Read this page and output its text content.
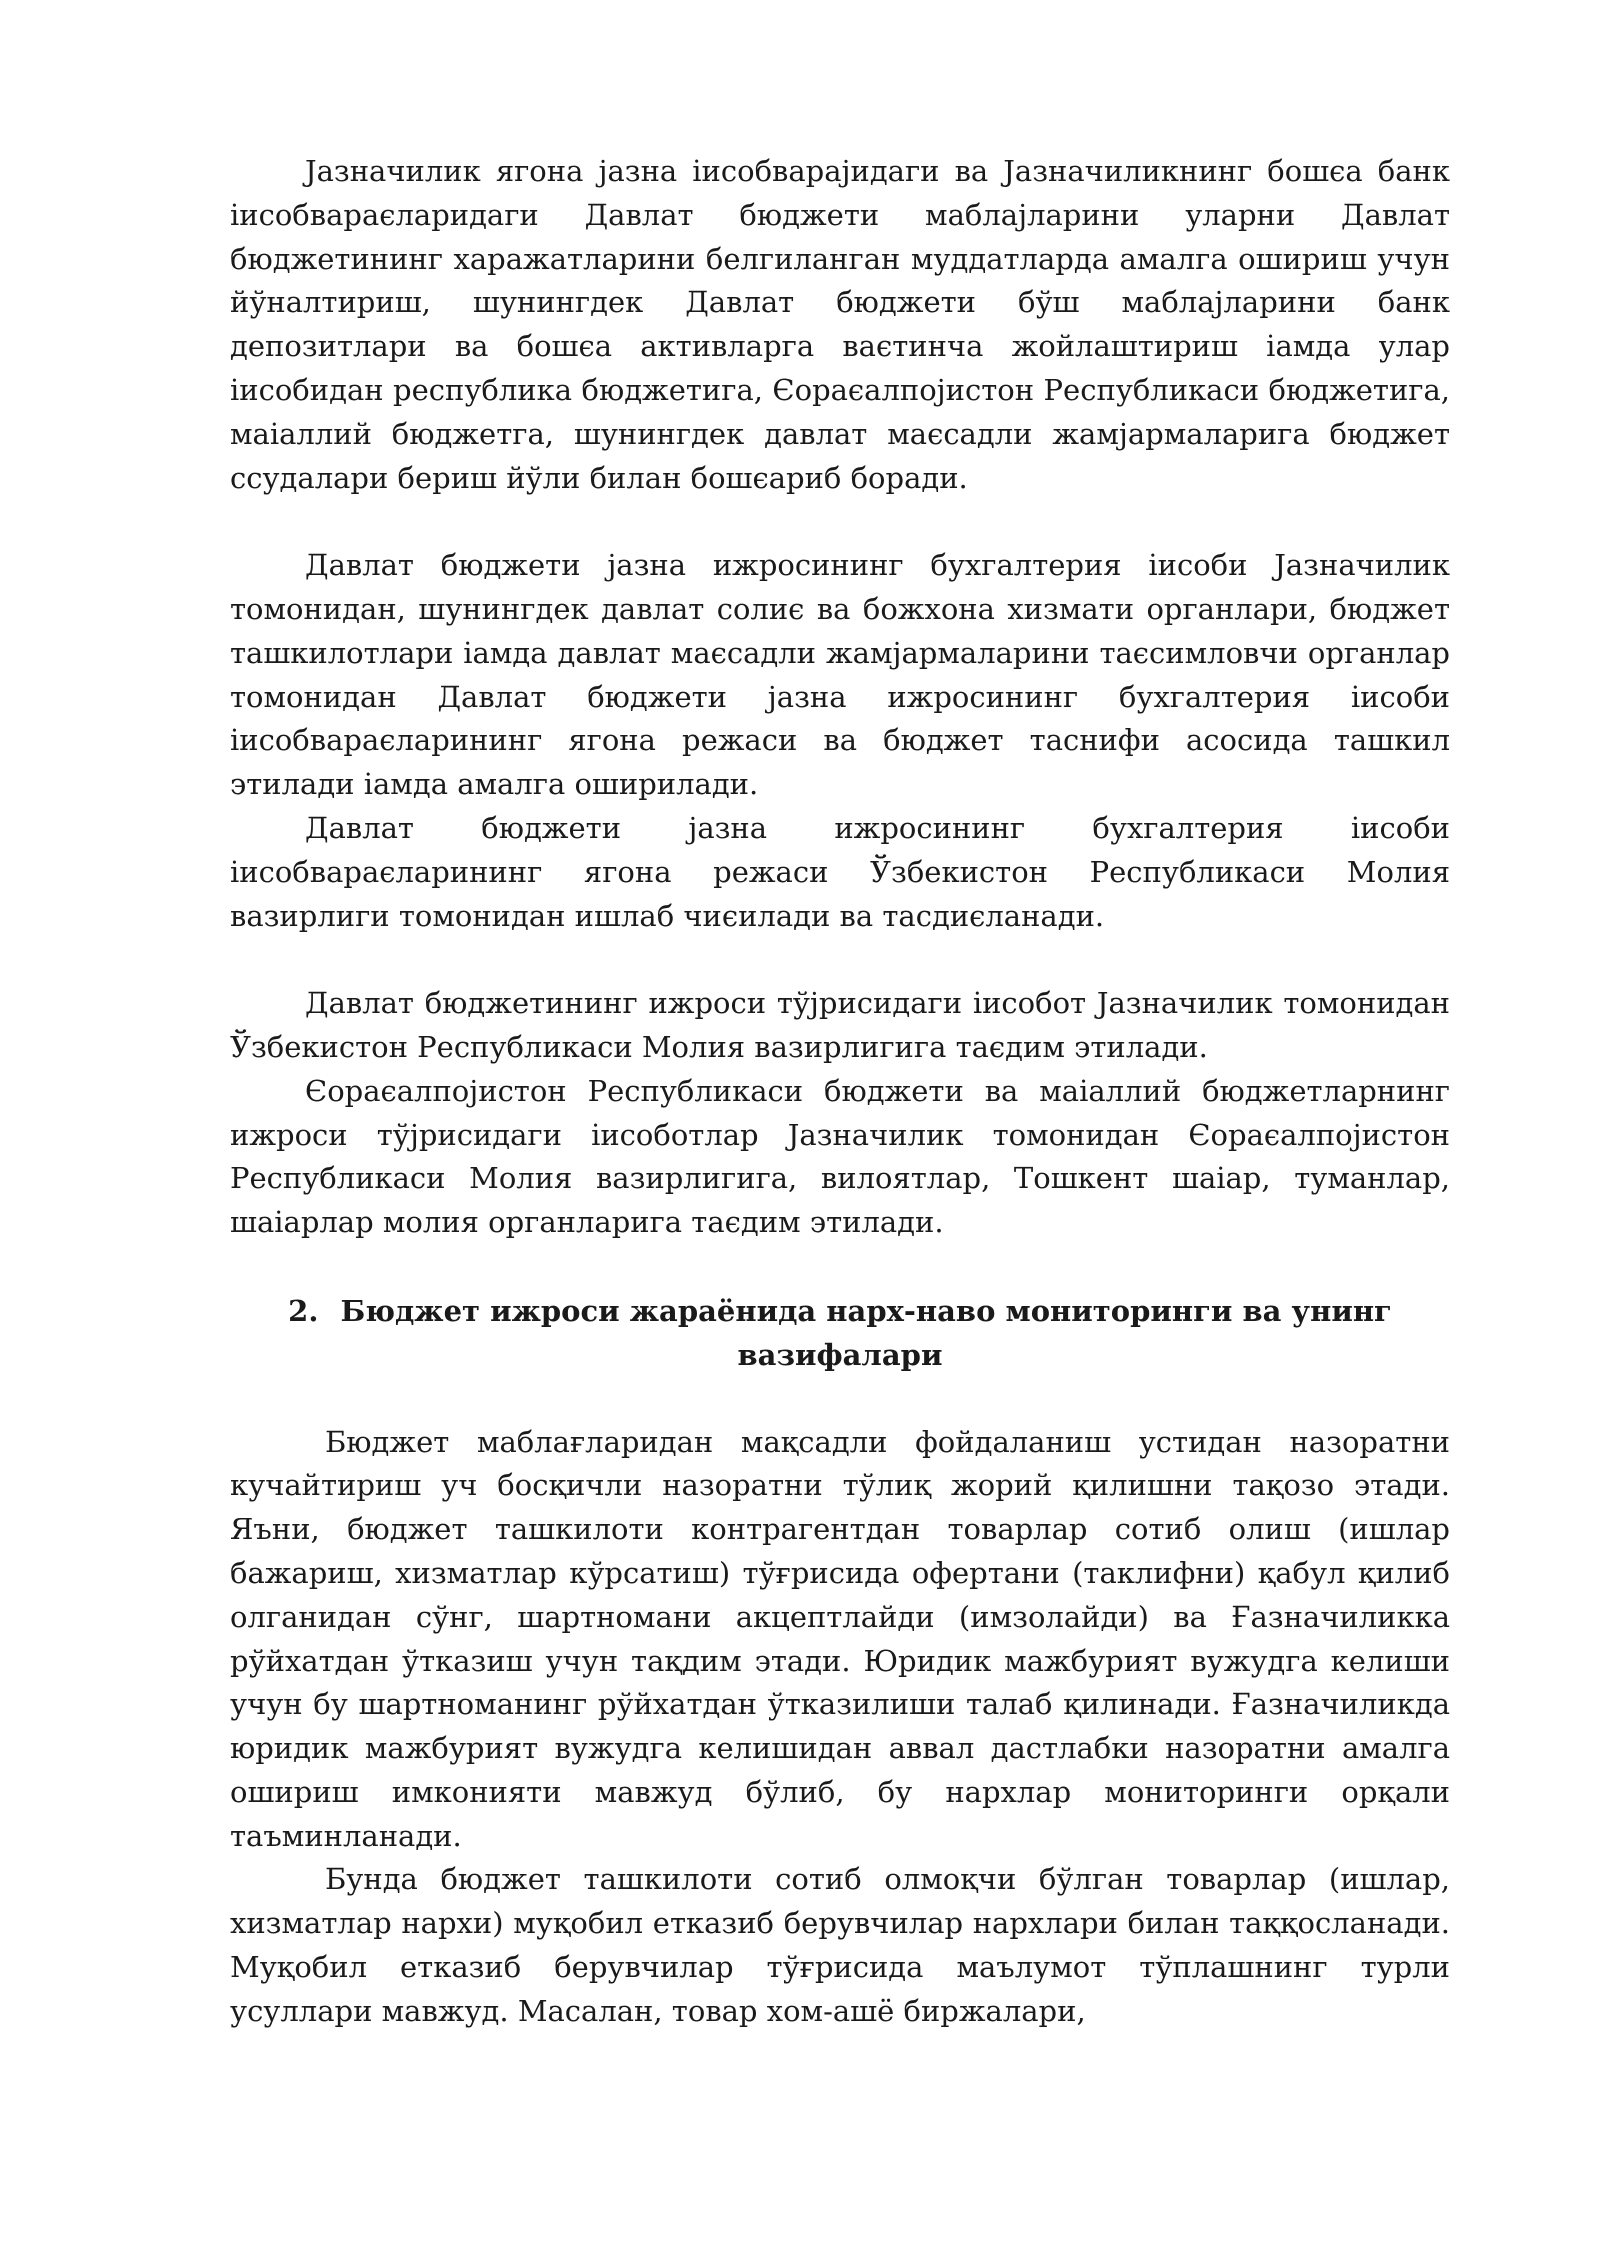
Јазначилик ягона јазна іисобварајидаги ва Јазначиликнинг бошєа банк іисобвараєларидаги Давлат бюджети маблајларини уларни Давлат бюджетининг харажатларини белгиланган муддатларда амалга ошириш учун йўналтириш, шунингдек Давлат бюджети бўш маблајларини банк депозитлари ва бошєа активларга ваєтинча жойлаштириш іамда улар іисобидан республика бюджетига, Єораєалпојистон Республикаси бюджетига, маіаллий бюджетга, шунингдек давлат маєсадли жамјармаларига бюджет ссудалари бериш йўли билан бошєариб боради.

Давлат бюджети јазна ижросининг бухгалтерия іисоби Јазначилик томонидан, шунингдек давлат солиє ва божхона хизмати органлари, бюджет ташкилотлари іамда давлат маєсадли жамјармаларини таєсимловчи органлар томонидан Давлат бюджети јазна ижросининг бухгалтерия іисоби іисобвараєларининг ягона режаси ва бюджет таснифи асосида ташкил этилади іамда амалга оширилади.

Давлат бюджети јазна ижросининг бухгалтерия іисоби іисобвараєларининг ягона режаси Ўзбекистон Республикаси Молия вазирлиги томонидан ишлаб чиєилади ва тасдиєланади.

Давлат бюджетининг ижроси тўјрисидаги іисобот Јазначилик томонидан Ўзбекистон Республикаси Молия вазирлигига таєдим этилади.

Єораєалпојистон Республикаси бюджети ва маіаллий бюджетларнинг ижроси тўјрисидаги іисоботлар Јазначилик томонидан Єораєалпојистон Республикаси Молия вазирлигига, вилоятлар, Тошкент шаіар, туманлар, шаіарлар молия органларига таєдим этилади.

2. Бюджет ижроси жараёнида нарх-наво мониторинги ва унинг
вазифалари

Бюджет маблағларидан мақсадли фойдаланиш устидан назоратни кучайтириш уч босқичли назоратни тўлиқ жорий қилишни тақозо этади. Яъни, бюджет ташкилоти контрагентдан товарлар сотиб олиш (ишлар бажариш, хизматлар кўрсатиш) тўғрисида офертани (таклифни) қабул қилиб олганидан сўнг, шартномани акцептлайди (имзолайди) ва Ғазначиликка рўйхатдан ўтказиш учун тақдим этади. Юридик мажбурият вужудга келиши учун бу шартноманинг рўйхатдан ўтказилиши талаб қилинади. Ғазначиликда юридик мажбурият вужудга келишидан аввал дастлабки назоратни амалга ошириш имконияти мавжуд бўлиб, бу нархлар мониторинги орқали таъминланади.

Бунда бюджет ташкилоти сотиб олмоқчи бўлган товарлар (ишлар, хизматлар нархи) муқобил етказиб берувчилар нархлари билан таққосланади. Муқобил етказиб берувчилар тўғрисида маълумот тўплашнинг турли усуллари мавжуд. Масалан, товар хом-ашё биржалари,
